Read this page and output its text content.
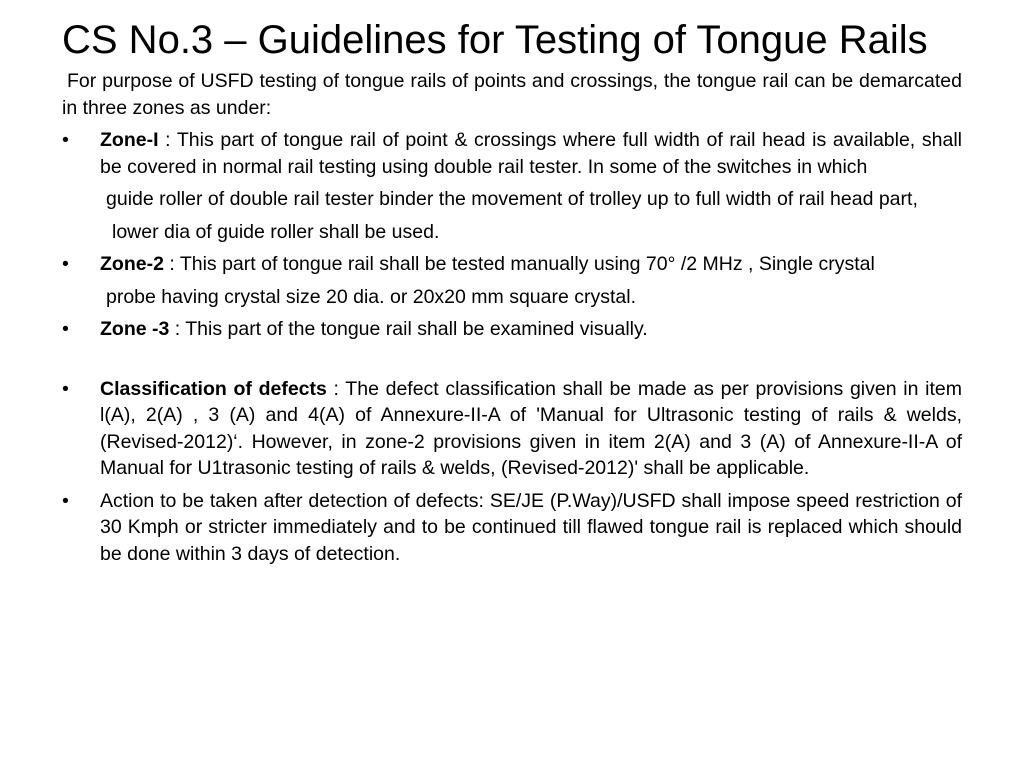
CS No.3 – Guidelines for Testing of Tongue Rails

For purpose of USFD testing of tongue rails of points and crossings, the tongue rail can be demarcated in three zones as under:

• Zone-I : This part of tongue rail of point & crossings where full width of rail head is available, shall be covered in normal rail testing using double rail tester. In some of the switches in which

guide roller of double rail tester binder the movement of trolley up to full width of rail head part,

lower dia of guide roller shall be used.

• Zone-2 : This part of tongue rail shall be tested manually using 70° /2 MHz , Single crystal

probe having crystal size 20 dia. or 20x20 mm square crystal.

• Zone -3 : This part of the tongue rail shall be examined visually.
• Classification of defects : The defect classification shall be made as per provisions given in item l(A), 2(A) , 3 (A) and 4(A) of Annexure-II-A of 'Manual for Ultrasonic testing of rails & welds, (Revised-2012)‘. However, in zone-2 provisions given in item 2(A) and 3 (A) of Annexure-II-A of Manual for U1trasonic testing of rails & welds, (Revised-2012)' shall be applicable.
• Action to be taken after detection of defects: SE/JE (P.Way)/USFD shall impose speed restriction of 30 Kmph or stricter immediately and to be continued till flawed tongue rail is replaced which should be done within 3 days of detection.
